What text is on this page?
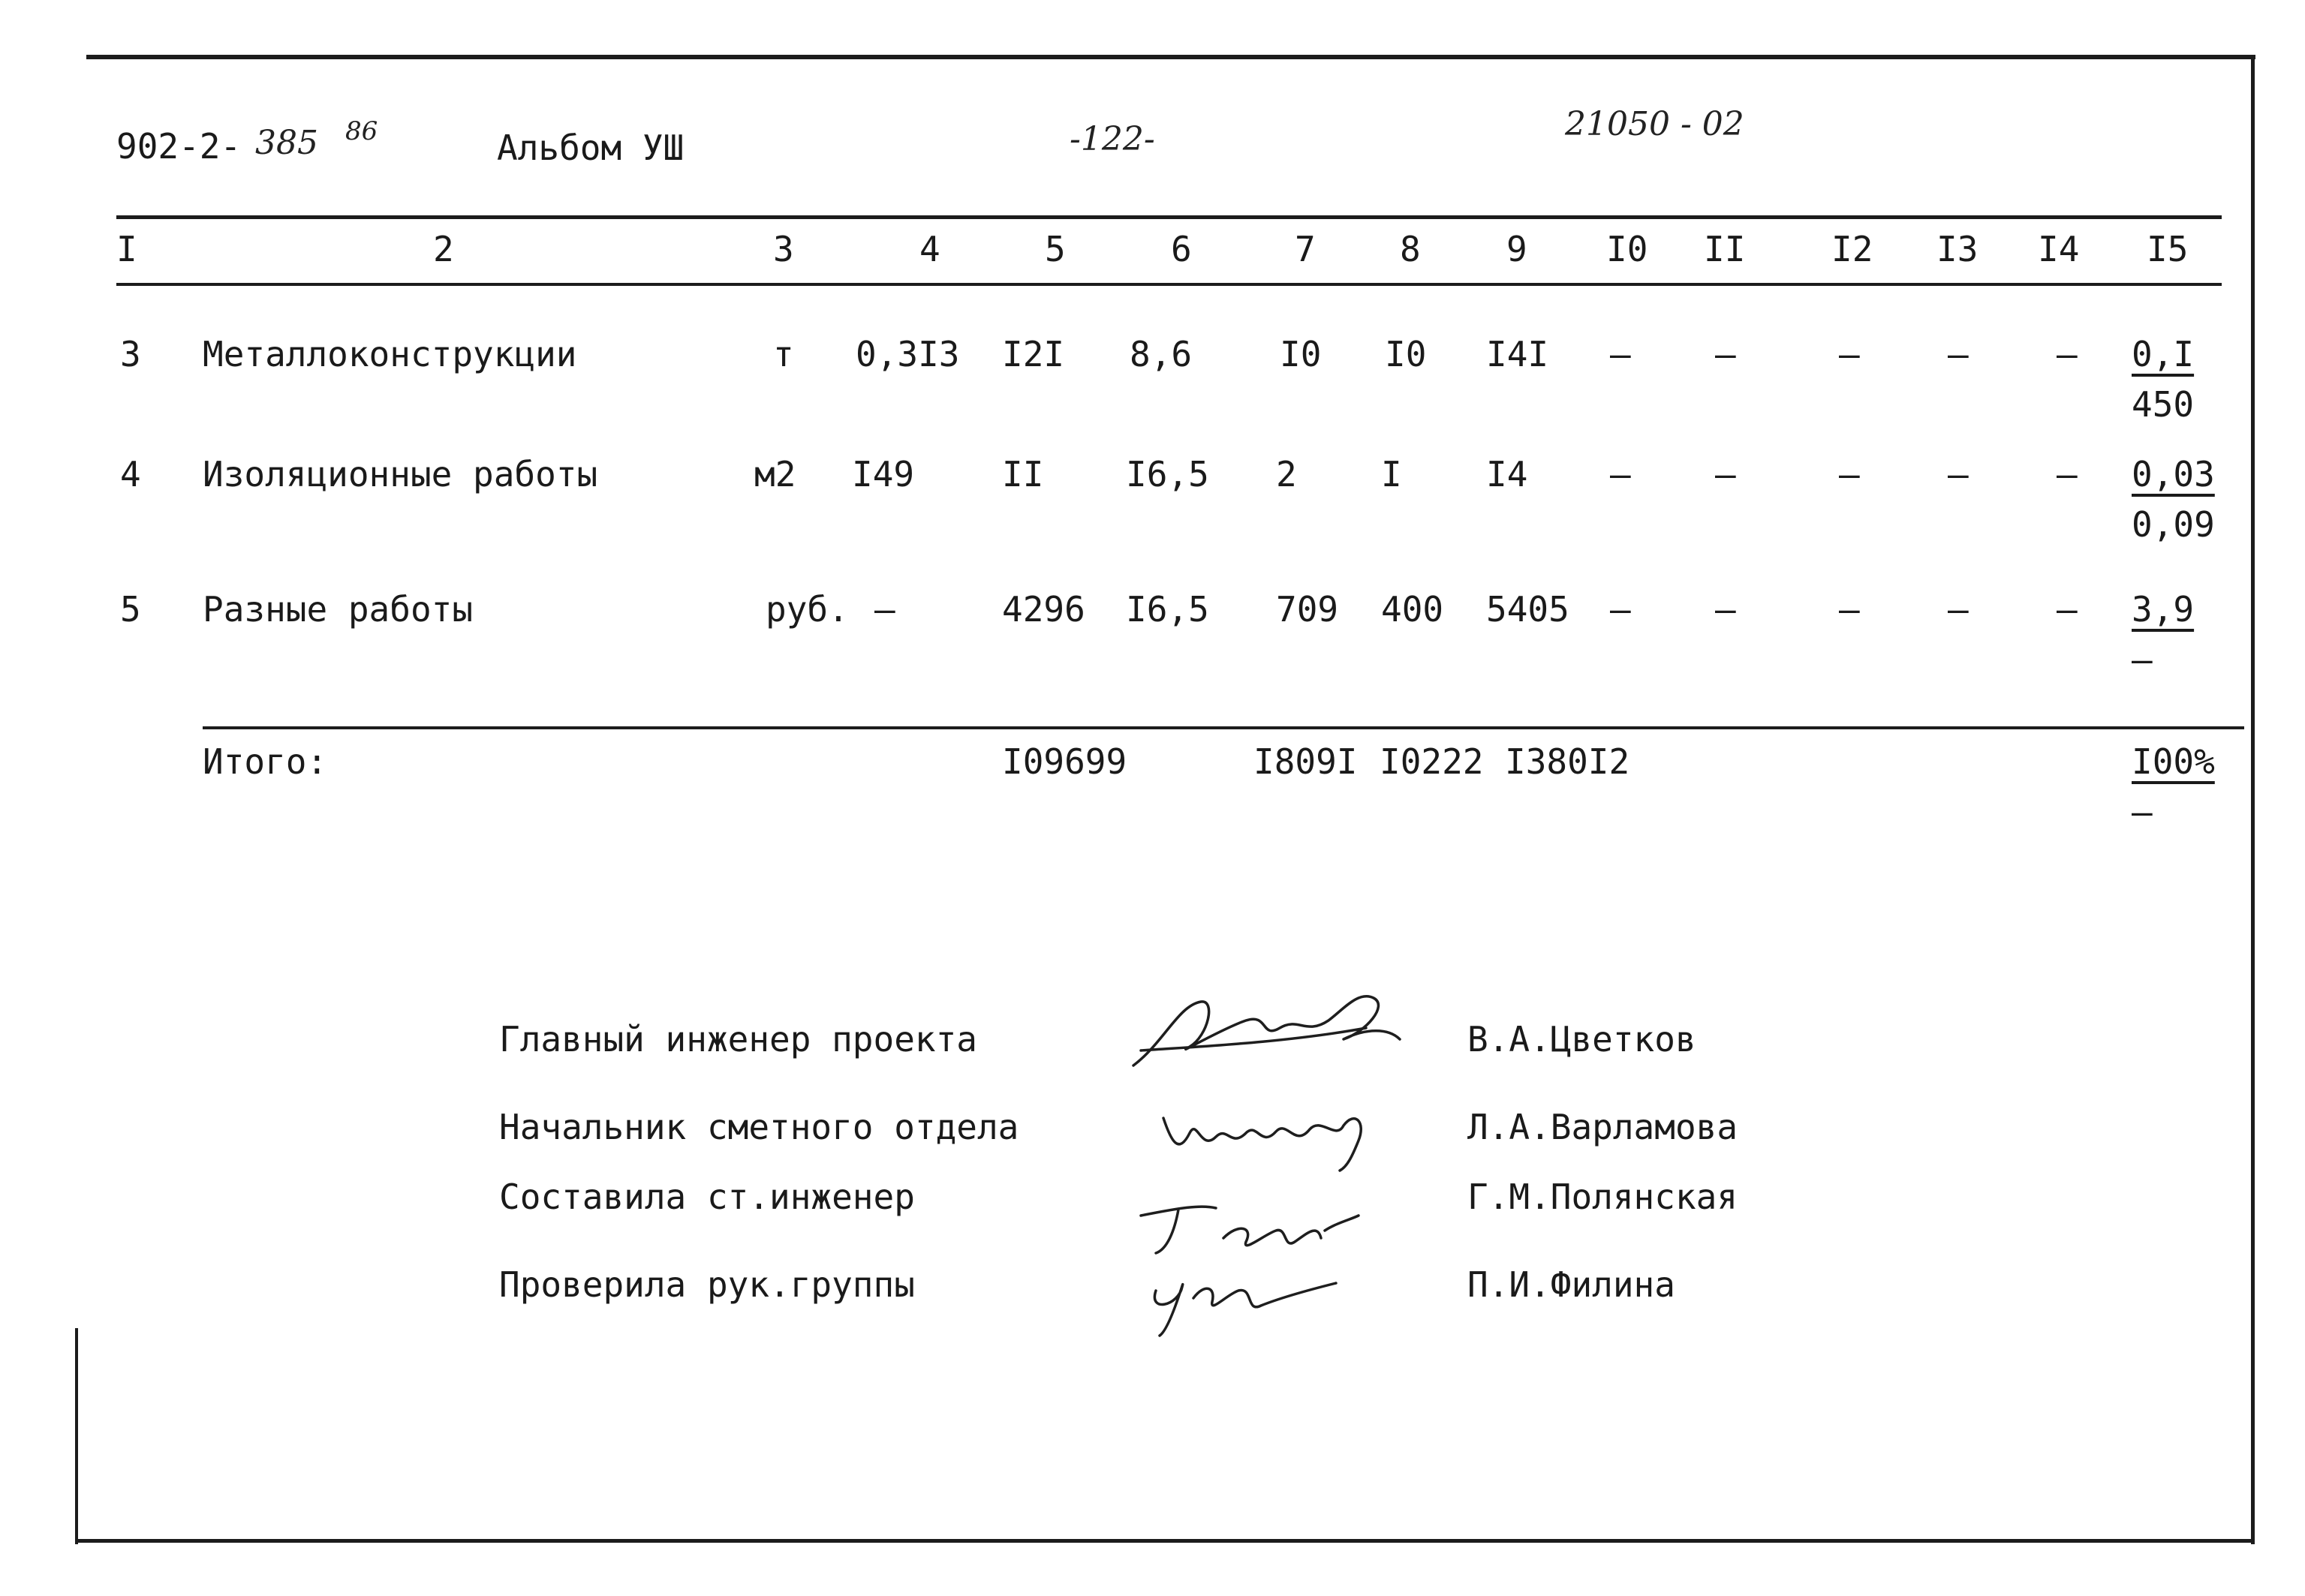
902-2- 385 86	Альбом УШ	-122-	21050 - 02
I	2	3	4	5	6	7 8 9 I0 II I2 I3 I4 I5
3 Металлоконструкции	т 0,3I3 I2I 8,6	I0 I0 I4I – –	–	–	– 0,I
450
4 Изоляционные работы	м2 I49	II I6,5 2 I I4 – –	–	–	– 0,03
0,09
5 Разные работы	руб. –	4296 I6,5 709 400 5405 – –	–	–	– 3,9
–
Итого:	I09699	I809I I0222 I380I2	I00%
–
Главный инженер проекта	В.А.Цветков
Начальник сметного отдела	Л.А.Варламова
Составила ст.инженер	Г.М.Полянская
Проверила рук.группы	П.И.Филина
